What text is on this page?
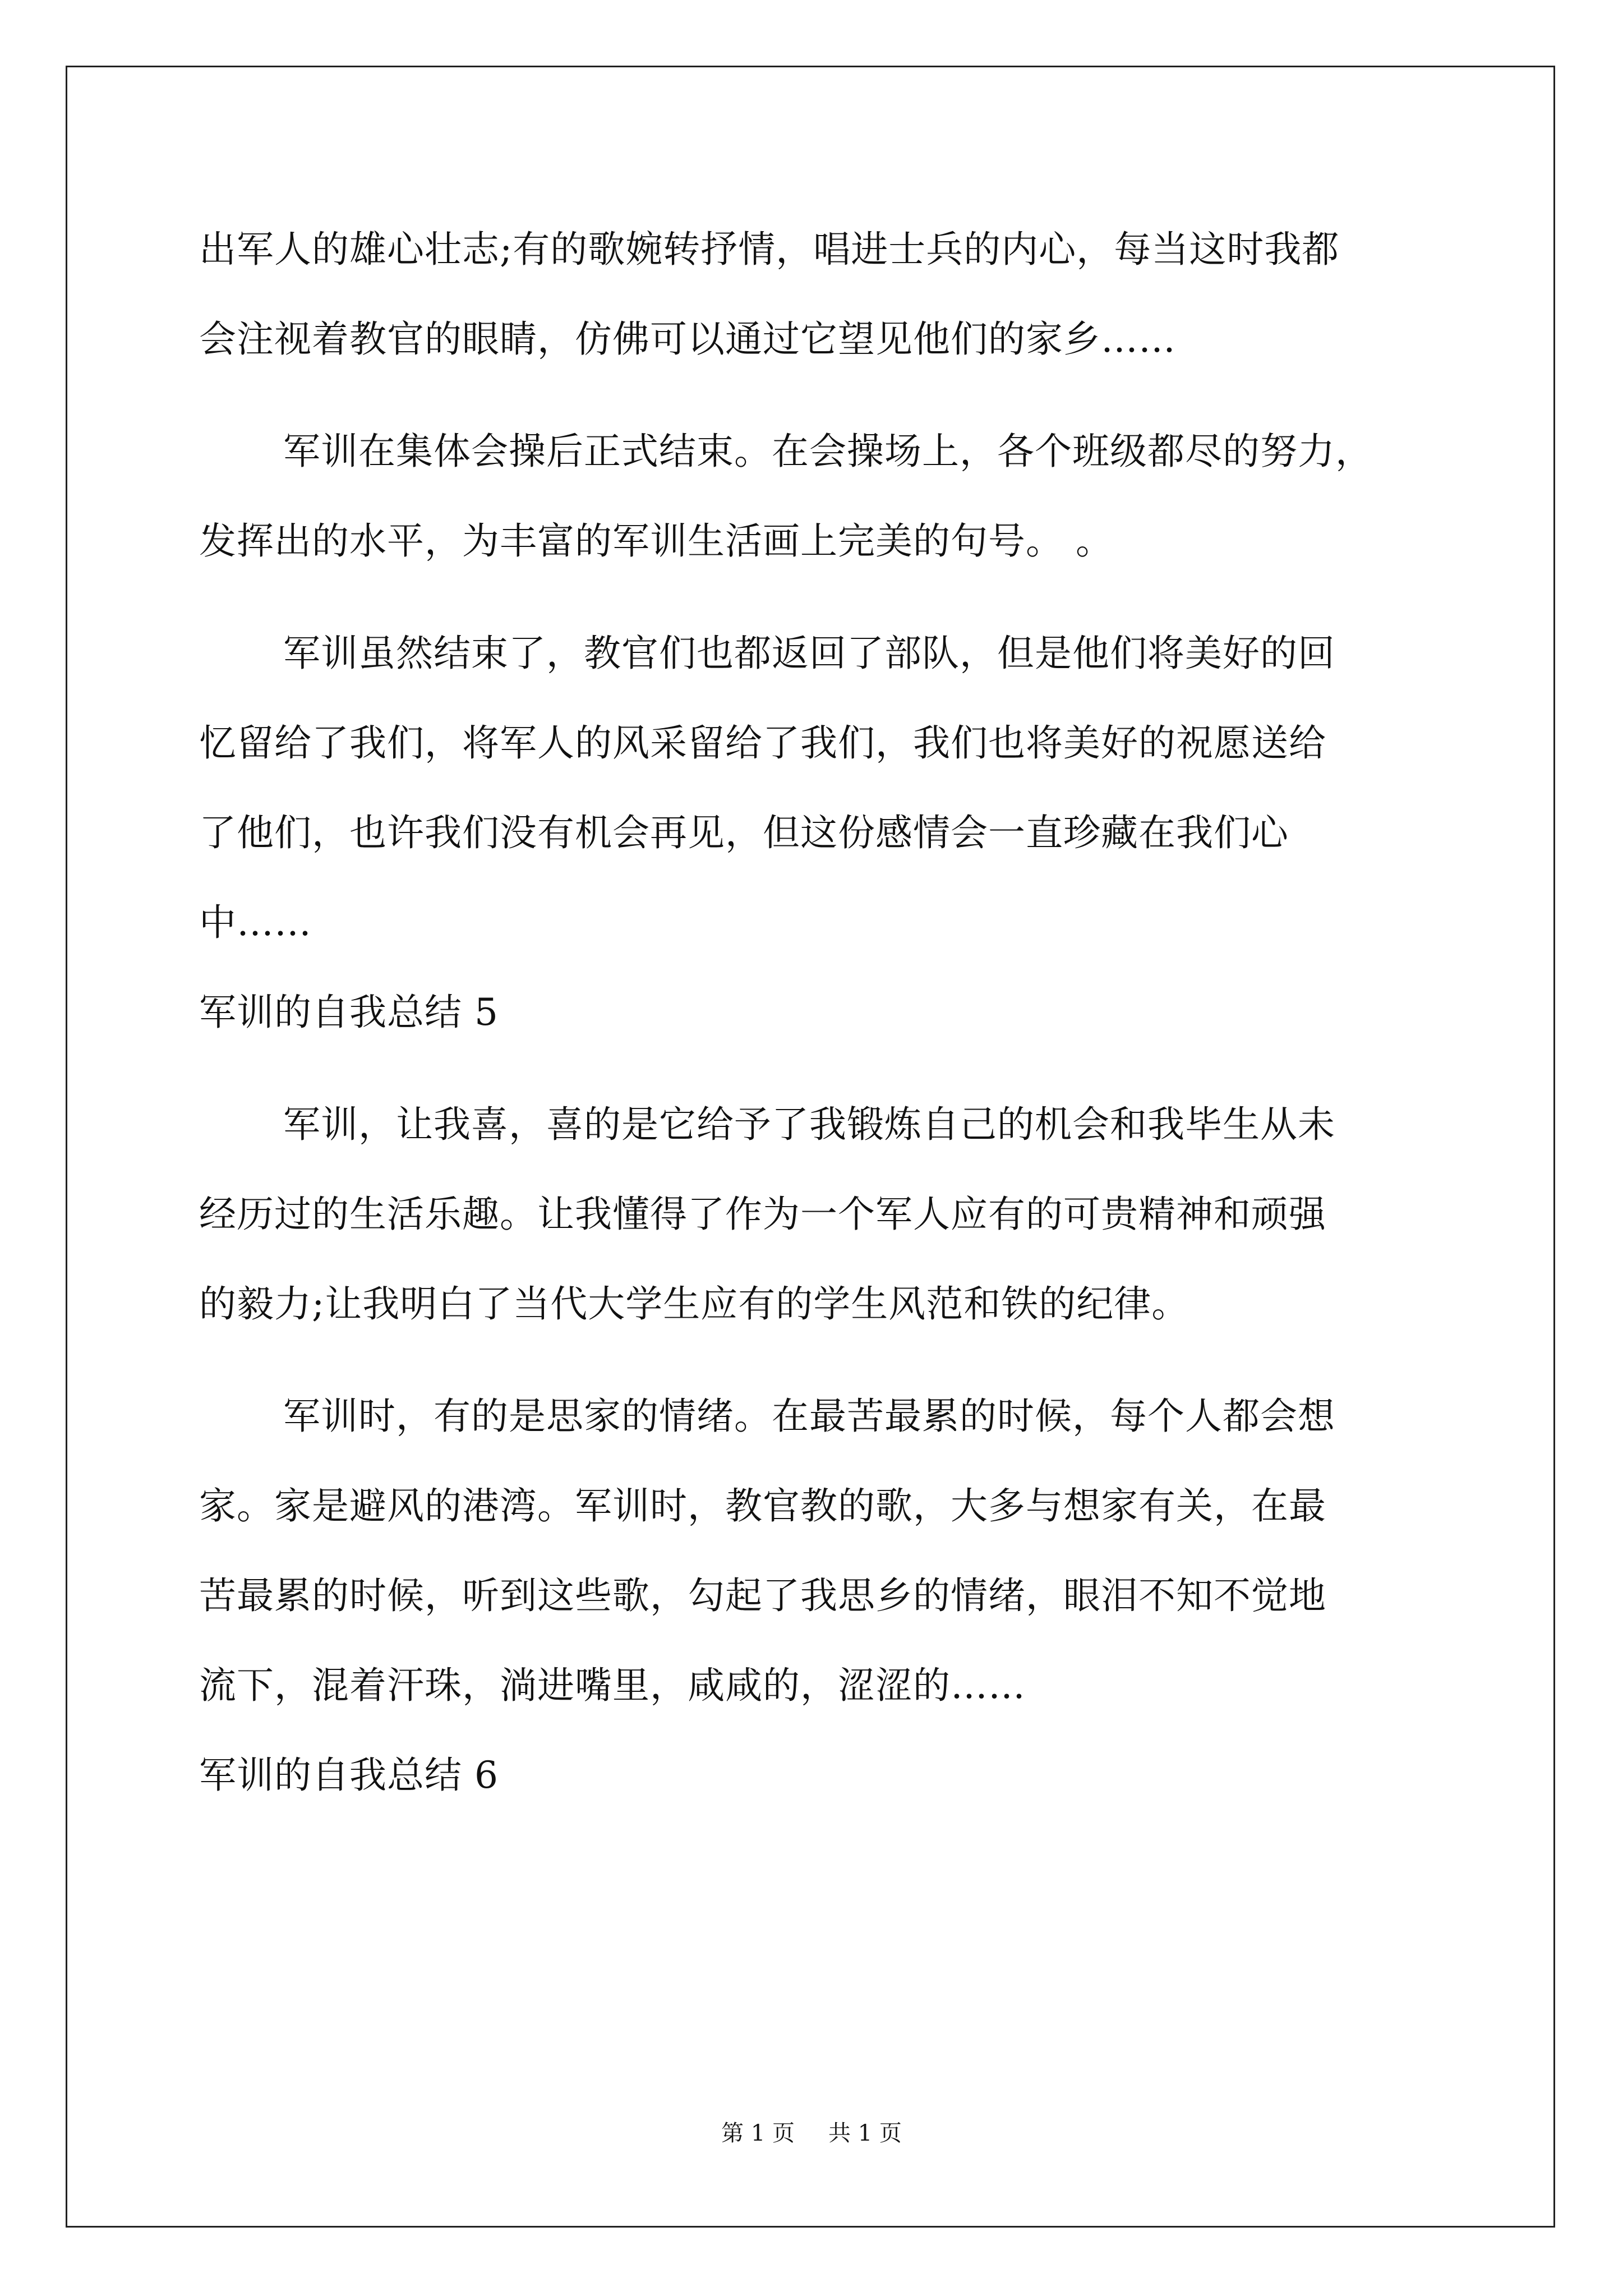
出军人的雄心壮志;有的歌婉转抒情，唱进士兵的内心，每当这时我都
会注视着教官的眼睛，仿佛可以通过它望见他们的家乡……
军训在集体会操后正式结束。在会操场上，各个班级都尽的努力，
发挥出的水平，为丰富的军训生活画上完美的句号。 。
军训虽然结束了，教官们也都返回了部队，但是他们将美好的回
忆留给了我们，将军人的风采留给了我们，我们也将美好的祝愿送给
了他们，也许我们没有机会再见，但这份感情会一直珍藏在我们心
中……
军训的自我总结 5
军训，让我喜，喜的是它给予了我锻炼自己的机会和我毕生从未
经历过的生活乐趣。让我懂得了作为一个军人应有的可贵精神和顽强
的毅力;让我明白了当代大学生应有的学生风范和铁的纪律。
军训时，有的是思家的情绪。在最苦最累的时候，每个人都会想
家。家是避风的港湾。军训时，教官教的歌，大多与想家有关，在最
苦最累的时候，听到这些歌，勾起了我思乡的情绪，眼泪不知不觉地
流下，混着汗珠，淌进嘴里，咸咸的，涩涩的……
军训的自我总结 6
第 1 页 共 1 页
